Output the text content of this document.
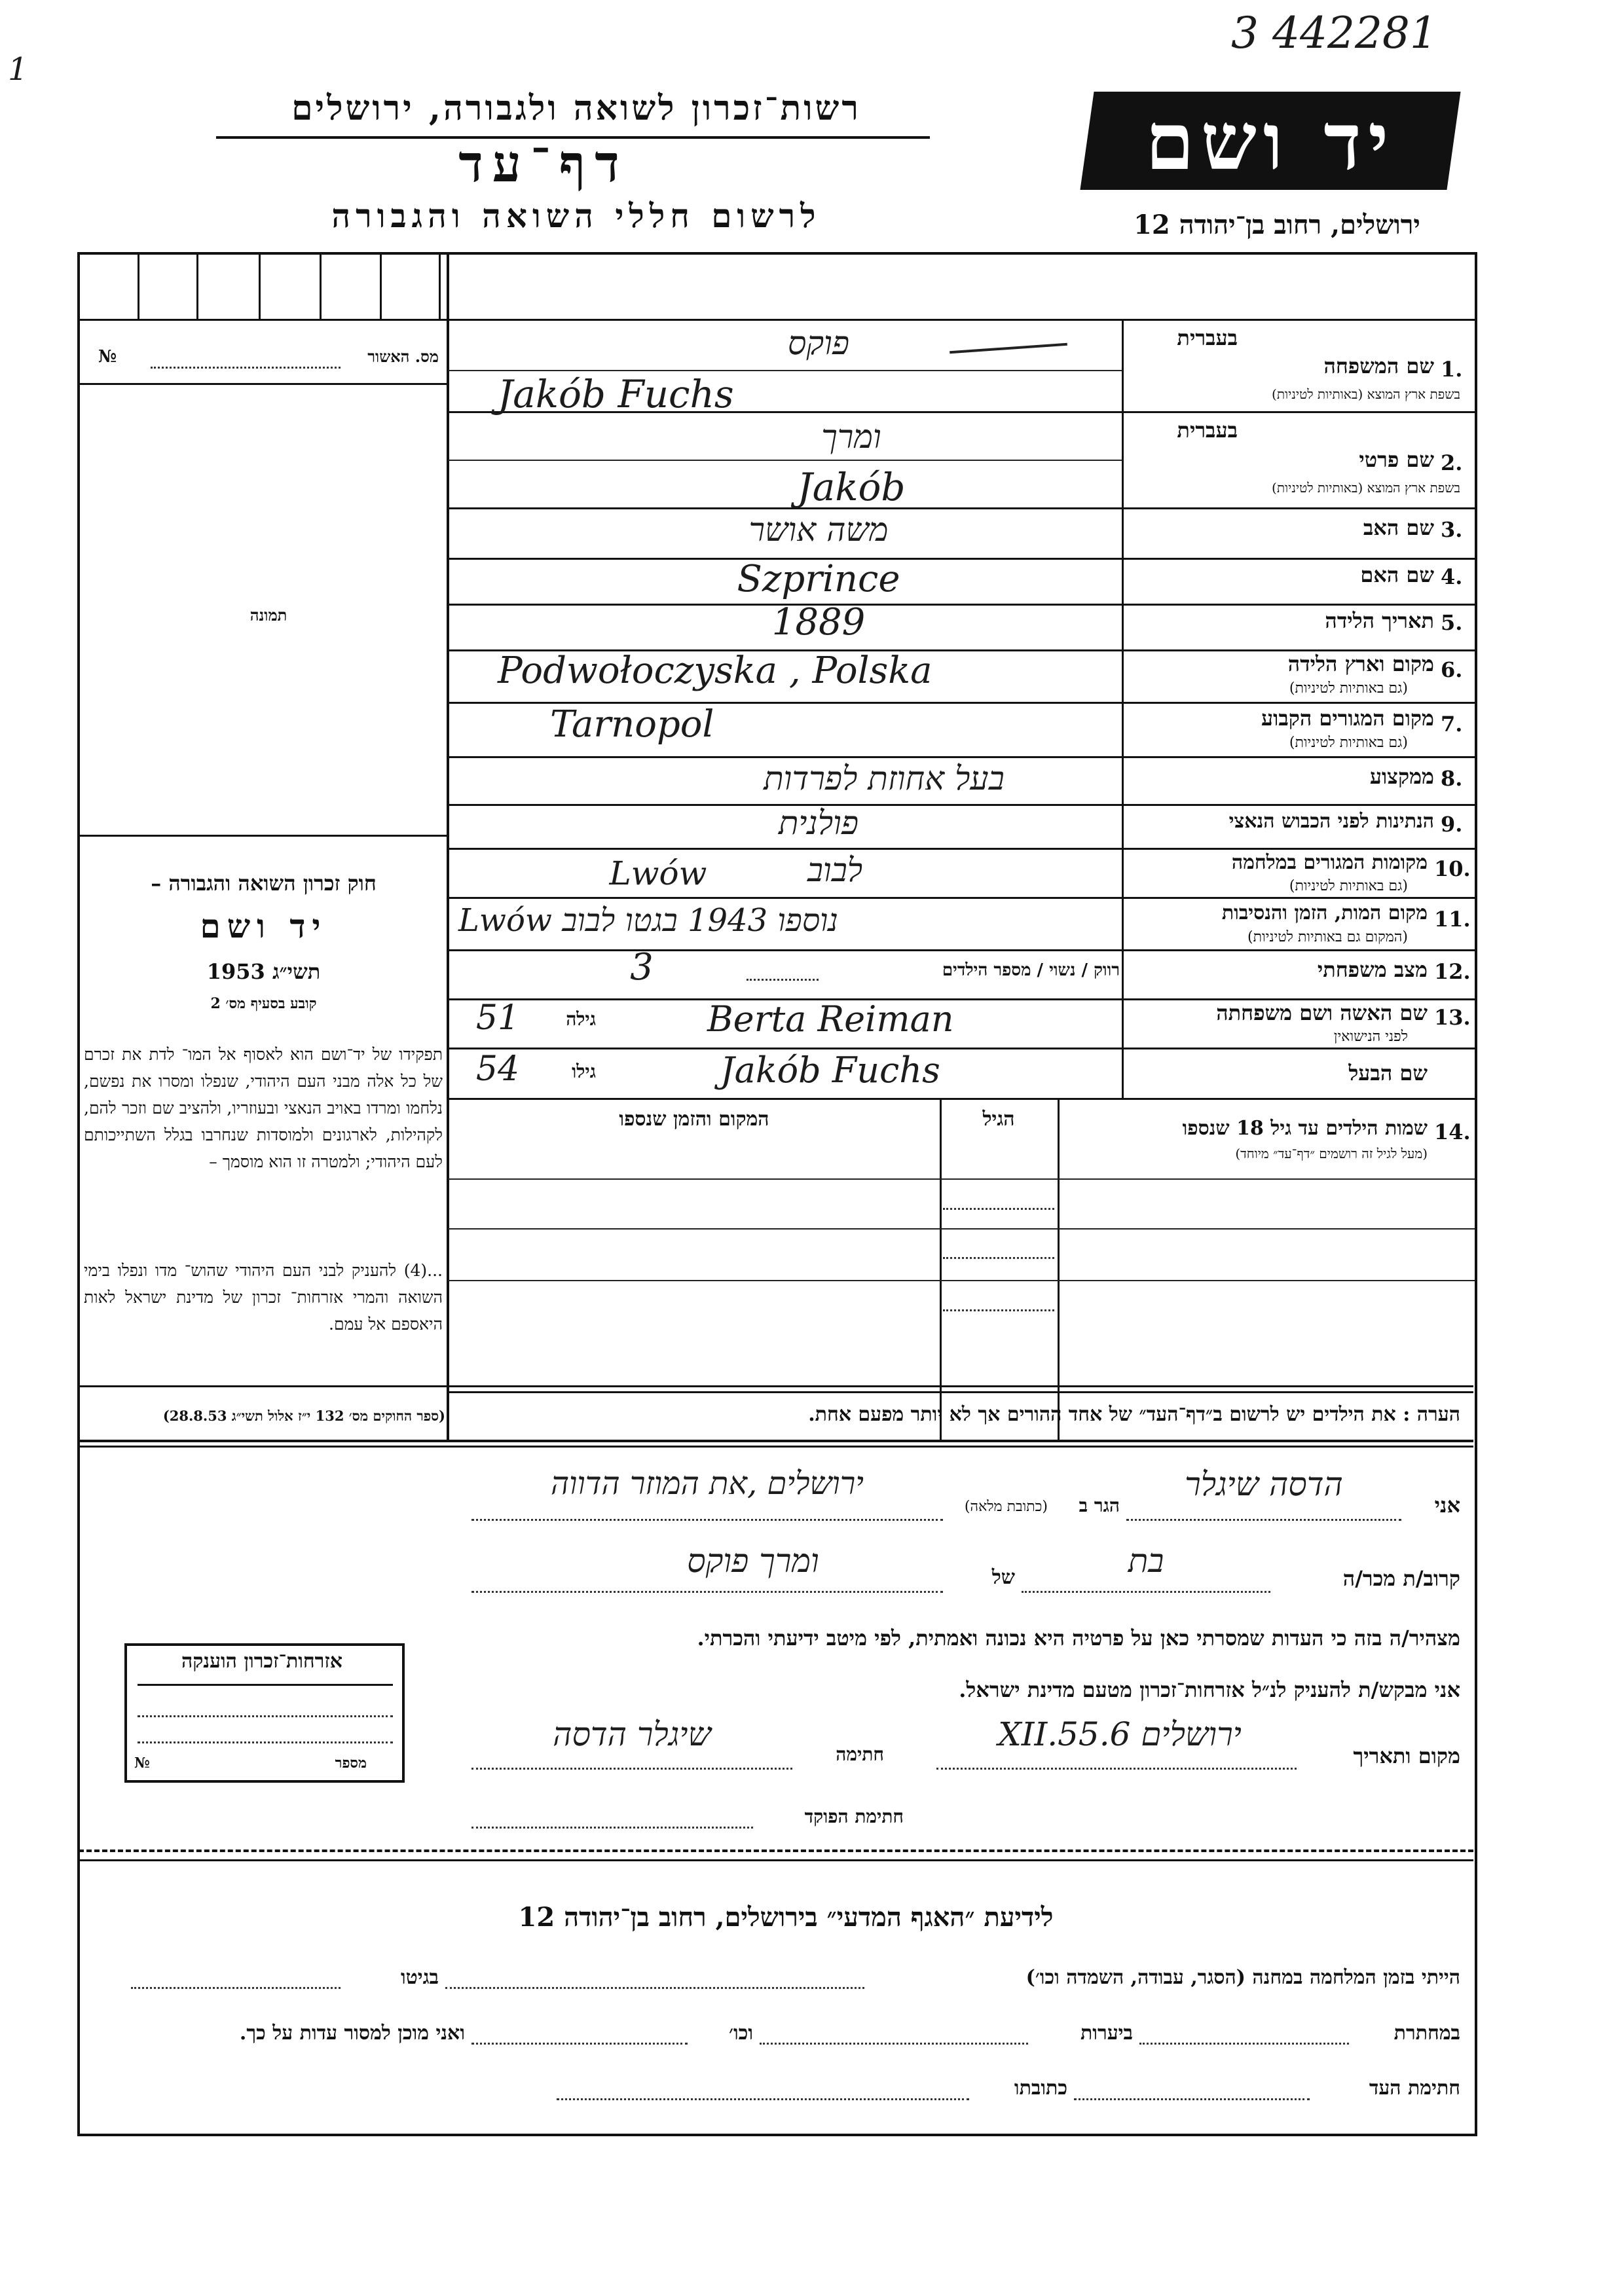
1
3 442281
רשות־זכרון לשואה ולגבורה, ירושלים
דף־עד
לרשום חללי השואה והגבורה
יד ושם
ירושלים, רחוב בן־יהודה 12
מס. האשור
№
תמונה
חוק זכרון השואה והגבורה –
יד ושם
תשי״ג 1953
קובע בסעיף מס׳ 2
תפקידו של יד־ושם הוא לאסוף אל המו־ לדת את זכרם של כל אלה מבני העם היהודי, שנפלו ומסרו את נפשם, נלחמו ומרדו באויב הנאצי ובעוזריו, ולהציב שם וזכר להם, לקהילות, לארגונים ולמוסדות שנחרבו בגלל השתייכותם לעם היהודי; ולמטרה זו הוא מוסמך –
...(4) להעניק לבני העם היהודי שהוש־ מדו ונפלו בימי השואה והמרי אזרחות־ זכרון של מדינת ישראל לאות היאספם אל עמם.
(ספר החוקים מס׳ 132 י״ז אלול תשי״ג 28.8.53)
בעברית
1.
שם המשפחה
בשפת ארץ המוצא (באותיות לטיניות)
פוקס
Jakób Fuchs
בעברית
2.
שם פרטי
בשפת ארץ המוצא (באותיות לטיניות)
ומרך
Jakób
3.
שם האב
משה אושר
4.
שם האם
Szprince
5.
תאריך הלידה
1889
6.
מקום וארץ הלידה
(גם באותיות לטיניות)
Podwołoczyska , Polska
7.
מקום המגורים הקבוע
(גם באותיות לטיניות)
Tarnopol
8.
ממקצוע
בעל אחוזת לפרדות
9.
הנתינות לפני הכבוש הנאצי
פולנית
10.
מקומות המגורים במלחמה
(גם באותיות לטיניות)
לבוב
Lwów
11.
מקום המות, הזמן והנסיבות
(המקום גם באותיות לטיניות)
Lwów נוספו 1943 בגטו לבוב
12.
מצב משפחתי
רווק / נשוי / מספר הילדים
3
13.
שם האשה ושם משפחתה
לפני הנישואין
גילה
51	Berta Reiman
שם הבעל
גילו
54	Jakób Fuchs
14.
שמות הילדים עד גיל 18 שנספו
(מעל לגיל זה רושמים ״דף־עד״ מיוחד)
הגיל
המקום והזמן שנספו
הערה : את הילדים יש לרשום ב״דף־העד״ של אחד ההורים אך לא יותר מפעם אחת.
אני
הדסה שיגלר
הגר ב
(כתובת מלאה)
ירושלים ,את המוזר הדווה
קרוב/ת מכר/ה
בת
של
ומרך פוקס
מצהיר/ה בזה כי העדות שמסרתי כאן על פרטיה היא נכונה ואמתית, לפי מיטב ידיעתי והכרתי.
אני מבקש/ת להעניק לנ״ל אזרחות־זכרון מטעם מדינת ישראל.
מקום ותאריך
ירושלים 6.XII.55
חתימה
שיגלר הדסה
חתימת הפוקד
אזרחות־זכרון הוענקה
מספר
№
לידיעת ״האגף המדעי״ בירושלים, רחוב בן־יהודה 12
הייתי בזמן המלחמה במחנה (הסגר, עבודה, השמדה וכו׳)
בגיטו
במחתרת
ביערות
וכו׳
ואני מוכן למסור עדות על כך.
חתימת העד
כתובתו
